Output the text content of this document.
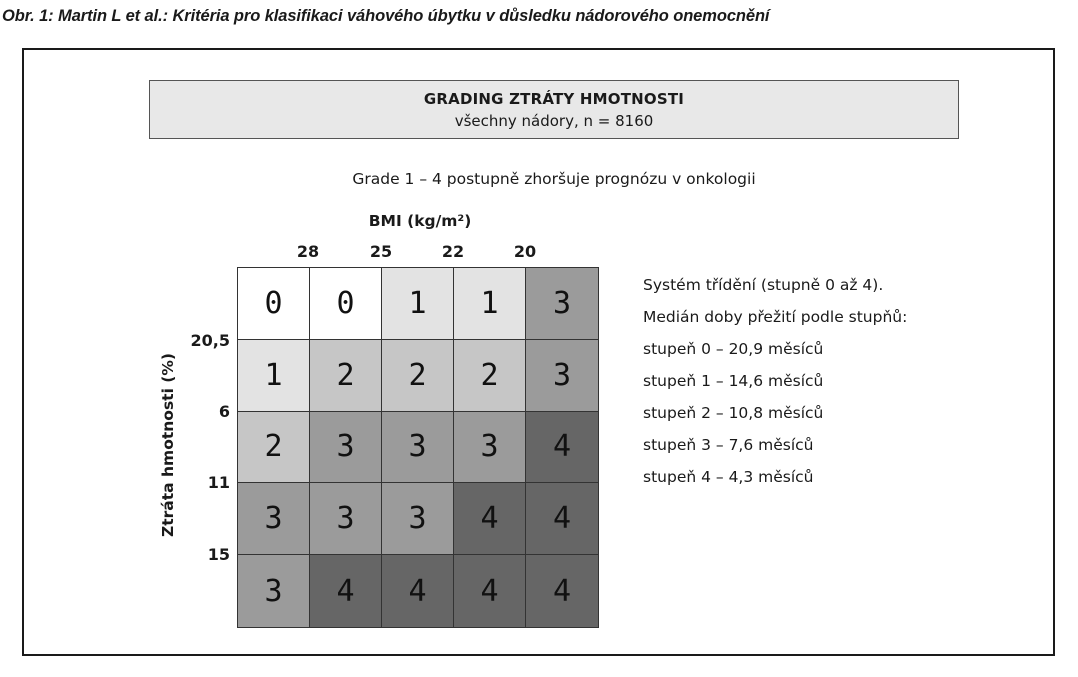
Obr. 1: Martin L et al.: Kritéria pro klasifikaci váhového úbytku v důsledku nádorového onemocnění
GRADING ZTRÁTY HMOTNOSTI
všechny nádory, n = 8160
Grade 1 – 4 postupně zhoršuje prognózu v onkologii
BMI (kg/m²)
28	25	22	20
20,5
6
11
15
Ztráta hmotnosti (%)
0	0	1	1	3
1	2	2	2	3
2	3	3	3	4
3	3	3	4	4
3	4	4	4	4
Systém třídění (stupně 0 až 4).
Medián doby přežití podle stupňů:
stupeň 0 – 20,9 měsíců
stupeň 1 – 14,6 měsíců
stupeň 2 – 10,8 měsíců
stupeň 3 – 7,6 měsíců
stupeň 4 – 4,3 měsíců
